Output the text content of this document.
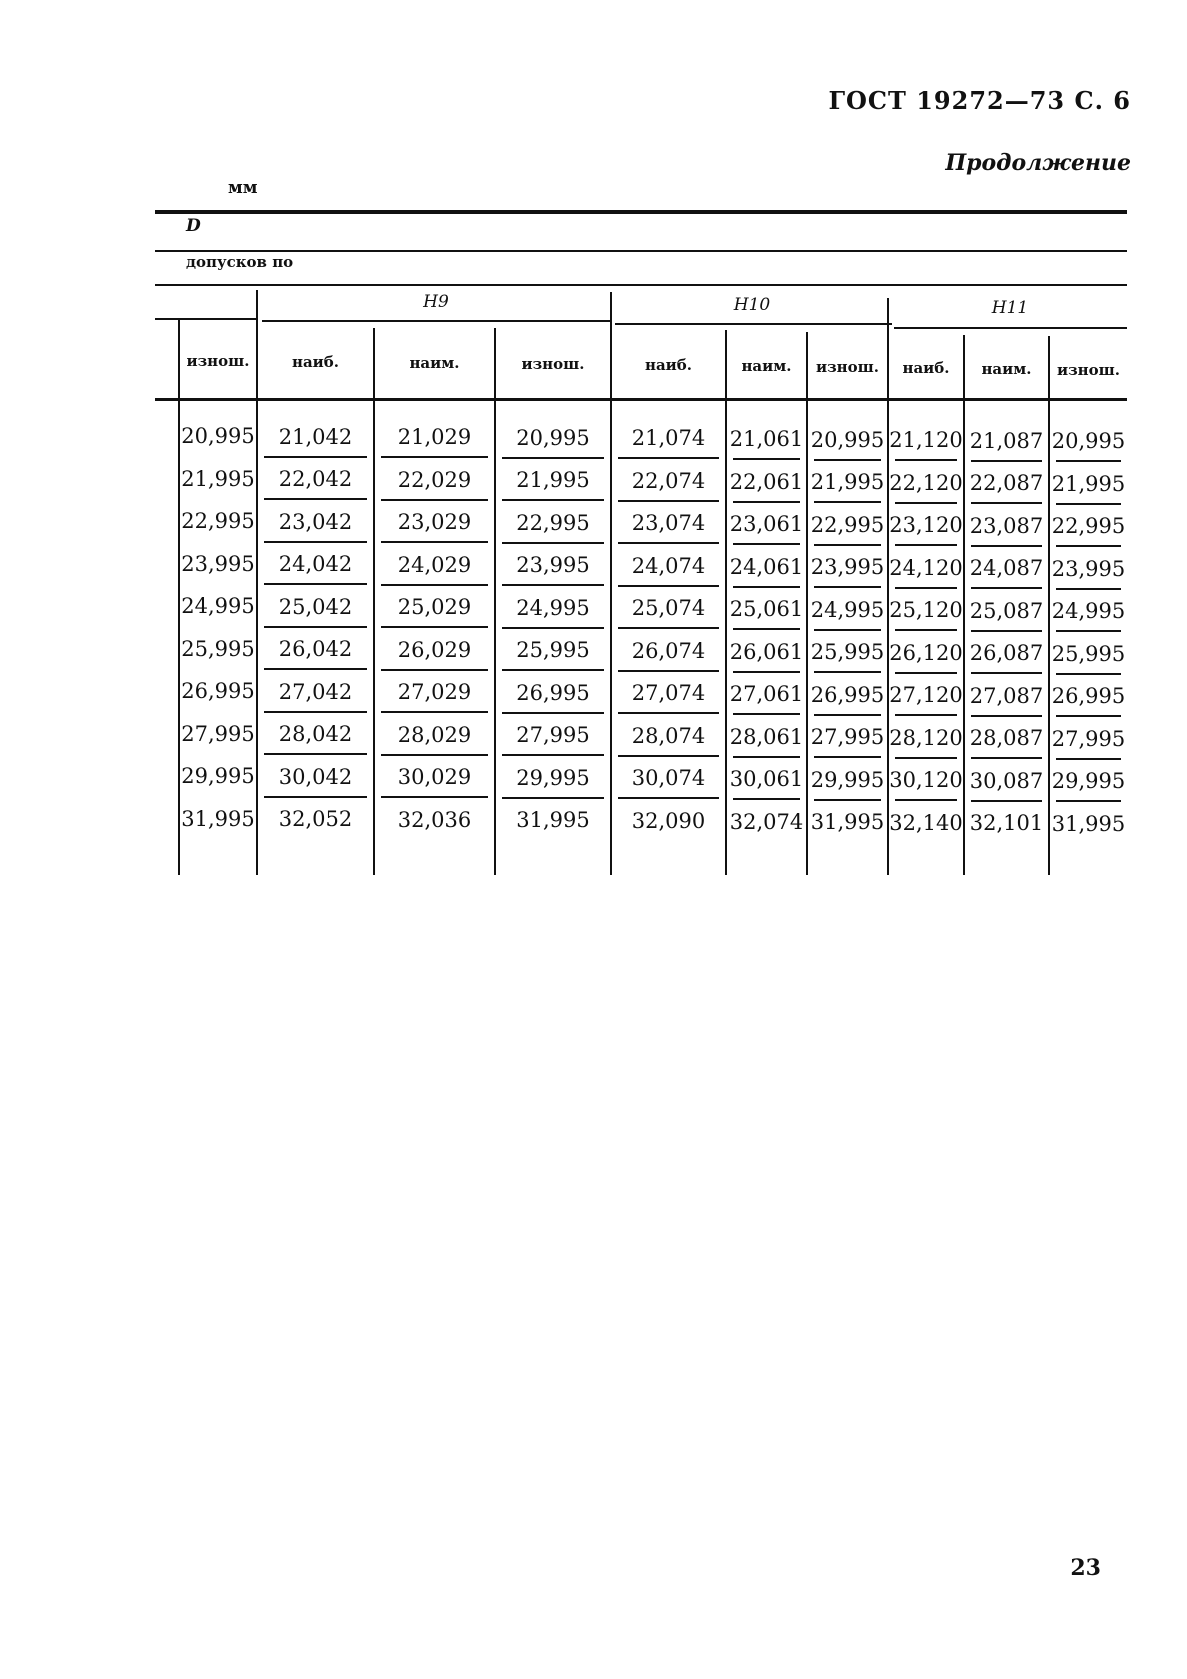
ГОСТ 19272—73 С. 6
Продолжение
мм
D
допусков по
H9	H10	H11
изнош.	наиб.	наим.	изнош.	наиб.	наим.	изнош.	наиб.	наим.	изнош.
20,995	21,042	21,029	20,995	21,074	21,061 20,995 21,120 21,087 20,995
21,995	22,042	22,029	21,995	22,074	22,061 21,995 22,120 22,087 21,995
22,995	23,042	23,029	22,995	23,074	23,061 22,995 23,120 23,087 22,995
23,995	24,042	24,029	23,995	24,074	24,061 23,995 24,120 24,087 23,995
24,995	25,042	25,029	24,995	25,074	25,061 24,995 25,120 25,087 24,995
25,995	26,042	26,029	25,995	26,074	26,061 25,995 26,120 26,087 25,995
26,995	27,042	27,029	26,995	27,074	27,061 26,995 27,120 27,087 26,995
27,995	28,042	28,029	27,995	28,074	28,061 27,995 28,120 28,087 27,995
29,995	30,042	30,029	29,995	30,074	30,061 29,995 30,120 30,087 29,995
31,995	32,052	32,036	31,995	32,090	32,074 31,995 32,140 32,101 31,995
23
